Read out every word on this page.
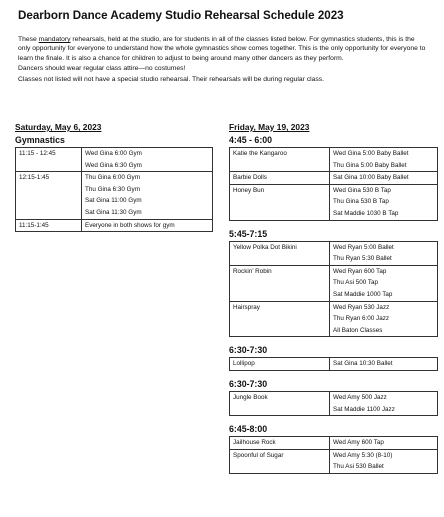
Dearborn Dance Academy Studio Rehearsal Schedule 2023

These mandatory rehearsals, held at the studio, are for students in all of the classes listed below. For gymnastics students, this is the only opportunity for everyone to understand how the whole gymnastics show comes together. This is the only opportunity for everyone to learn the finale. It is also a chance for children to adjust to being around many other dancers as they perform.

Dancers should wear regular class attire—no costumes!

Classes not listed will not have a special studio rehearsal. Their rehearsals will be during regular class.

Saturday, May 6, 2023
Gymnastics
11:15 - 12:45	Wed Gina 6:00 Gym
Wed Gina 6:30 Gym

12:15-1:45	Thu Gina 6:00 Gym
Thu Gina 6:30 Gym
Sat Gina 11:00 Gym
Sat Gina 11:30 Gym

11:15-1:45	Everyone in both shows for gym
Friday, May 19, 2023
4:45 - 6:00
Katie the Kangaroo	Wed Gina 5:00 Baby Ballet
Thu Gina 5:00 Baby Ballet

Barbie Dolls	Sat Gina 10:00 Baby Ballet

Honey Bun	Wed Gina 530 B Tap
Thu Gina 530 B Tap
Sat Maddie 1030 B Tap
5:45-7:15
Yellow Polka Dot Bikini	Wed Ryan 5:00 Ballet
Thu Ryan 5:30 Ballet

Rockin’ Robin	Wed Ryan 600 Tap
Thu Asi 500 Tap
Sat Maddie 1000 Tap

Hairspray	Wed Ryan 530 Jazz
Thu Ryan 6:00 Jazz
All Baton Classes
6:30-7:30
Lollipop	Sat Gina 10:30 Ballet
6:30-7:30
Jungle Book	Wed Amy 500 Jazz
Sat Maddie 1100 Jazz
6:45-8:00
Jailhouse Rock	Wed Amy 600 Tap

Spoonful of Sugar	Wed Amy 5:30 (8-10)
Thu Asi 530 Ballet
